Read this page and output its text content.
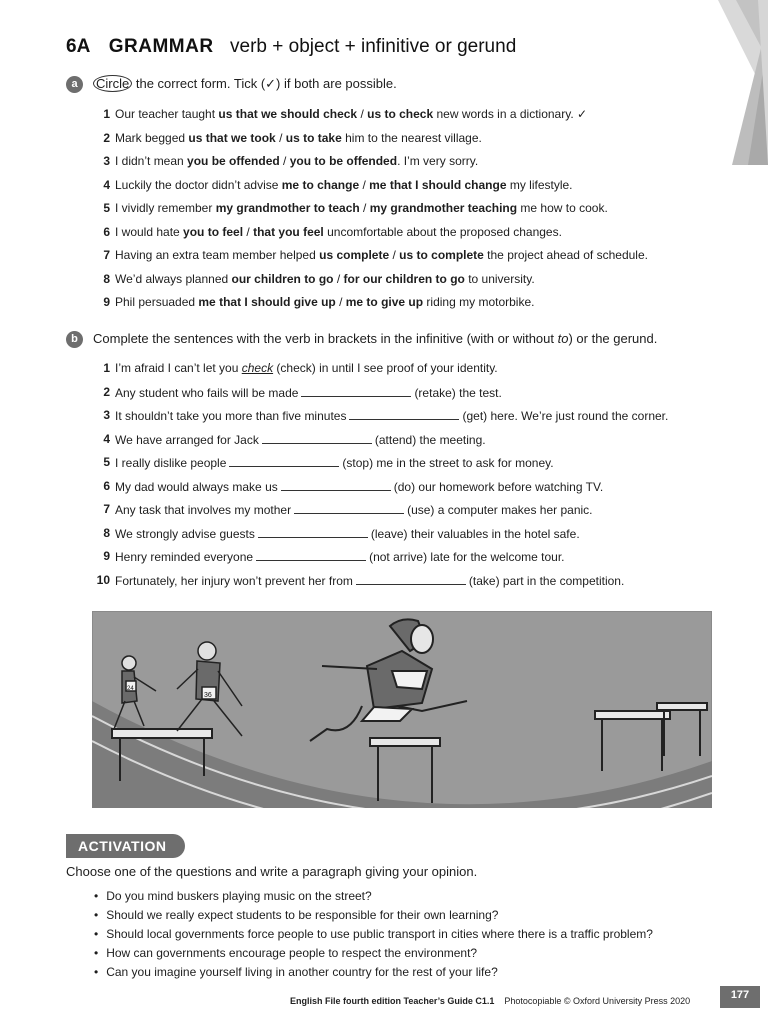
6A GRAMMAR verb + object + infinitive or gerund
a Circle the correct form. Tick (✓) if both are possible.
1 Our teacher taught us that we should check / us to check new words in a dictionary. ✓
2 Mark begged us that we took / us to take him to the nearest village.
3 I didn’t mean you be offended / you to be offended. I’m very sorry.
4 Luckily the doctor didn’t advise me to change / me that I should change my lifestyle.
5 I vividly remember my grandmother to teach / my grandmother teaching me how to cook.
6 I would hate you to feel / that you feel uncomfortable about the proposed changes.
7 Having an extra team member helped us complete / us to complete the project ahead of schedule.
8 We’d always planned our children to go / for our children to go to university.
9 Phil persuaded me that I should give up / me to give up riding my motorbike.
b Complete the sentences with the verb in brackets in the infinitive (with or without to) or the gerund.
1 I’m afraid I can’t let you check (check) in until I see proof of your identity.
2 Any student who fails will be made	(retake) the test.
3 It shouldn’t take you more than five minutes	(get) here. We’re just round the corner.
4 We have arranged for Jack	(attend) the meeting.
5 I really dislike people	(stop) me in the street to ask for money.
6 My dad would always make us	(do) our homework before watching TV.
7 Any task that involves my mother	(use) a computer makes her panic.
8 We strongly advise guests	(leave) their valuables in the hotel safe.
9 Henry reminded everyone	(not arrive) late for the welcome tour.
10 Fortunately, her injury won’t prevent her from	(take) part in the competition.
24
36
ACTIVATION
Choose one of the questions and write a paragraph giving your opinion.
• Do you mind buskers playing music on the street?
• Should we really expect students to be responsible for their own learning?
• Should local governments force people to use public transport in cities where there is a traffic problem?
• How can governments encourage people to respect the environment?
• Can you imagine yourself living in another country for the rest of your life?
English File fourth edition Teacher’s Guide C1.1 Photocopiable © Oxford University Press 2020	177
